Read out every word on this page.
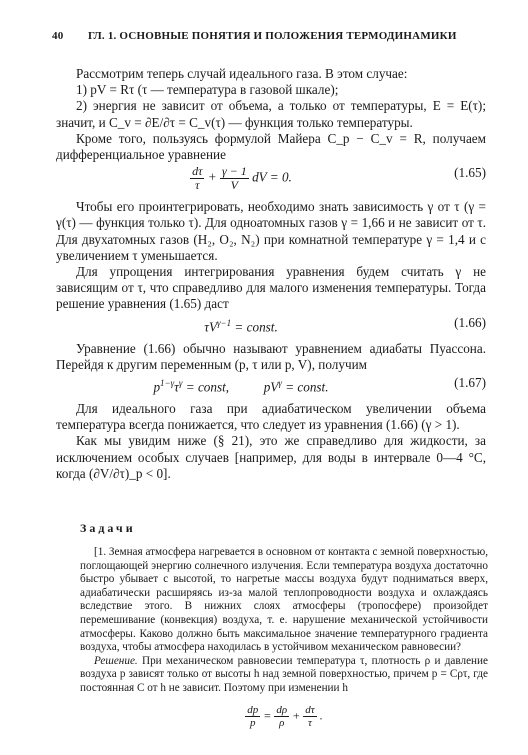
40 ГЛ. 1. ОСНОВНЫЕ ПОНЯТИЯ И ПОЛОЖЕНИЯ ТЕРМОДИНАМИКИ

Рассмотрим теперь случай идеального газа. В этом случае:

1) pV = Rτ (τ — температура в газовой шкале);

2) энергия не зависит от объема, а только от температуры, E = E(τ); значит, и C_v = ∂E/∂τ = C_v(τ) — функция только температуры.

Кроме того, пользуясь формулой Майера C_p − C_v = R, получаем дифференциальное уравнение

$\frac{d\tau}{\tau} + \frac{\gamma - 1}{V}$ dV = 0.	(1.65)

Чтобы его проинтегрировать, необходимо знать зависимость γ от τ (γ = γ(τ) — функция только τ). Для одноатомных газов γ = 1,66 и не зависит от τ. Для двухатомных газов (H₂, O₂, N₂) при комнатной температуре γ = 1,4 и с увеличением τ уменьшается.

Для упрощения интегрирования уравнения будем считать γ не зависящим от τ, что справедливо для малого изменения температуры. Тогда решение уравнения (1.65) даст

$\tau V^{\gamma-1}$ = const.	(1.66)

Уравнение (1.66) обычно называют уравнением адиабаты Пуассона. Перейдя к другим переменным (p, τ или p, V), получим

$p^{1-\gamma}\tau^\gamma$ = const,	$pV^\gamma$ = const.	(1.67)

Для идеального газа при адиабатическом увеличении объема температура всегда понижается, что следует из уравнения (1.66) (γ > 1).

Как мы увидим ниже (§ 21), это же справедливо для жидкости, за исключением особых случаев [например, для воды в интервале 0—4 °C, когда (∂V/∂τ)_p < 0].

Задачи

[1. Земная атмосфера нагревается в основном от контакта с земной поверхностью, поглощающей энергию солнечного излучения. Если температура воздуха достаточно быстро убывает с высотой, то нагретые массы воздуха будут подниматься вверх, адиабатически расширяясь из-за малой теплопроводности воздуха и охлаждаясь вследствие этого. В нижних слоях атмосферы (тропосфере) произойдет перемешивание (конвекция) воздуха, т. е. нарушение механической устойчивости атмосферы. Каково должно быть максимальное значение температурного градиента воздуха, чтобы атмосфера находилась в устойчивом механическом равновесии?

Решение. При механическом равновесии температура τ, плотность ρ и давление воздуха p зависят только от высоты h над земной поверхностью, причем p = Cρτ, где постоянная C от h не зависит. Поэтому при изменении h

$\frac{dp}{p} = \frac{d\rho}{\rho} + \frac{d\tau}{\tau}$ .
